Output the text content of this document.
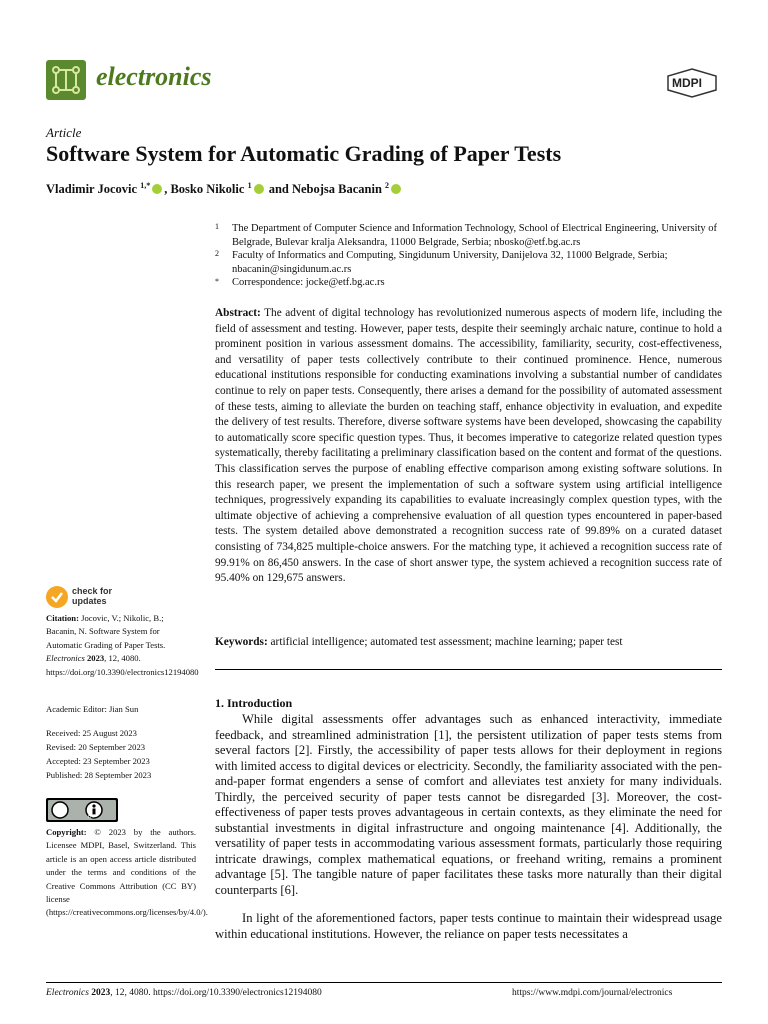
electronics	MDPI
Article
Software System for Automatic Grading of Paper Tests
Vladimir Jocovic $^{1,*}$ , Bosko Nikolic $^1$ and Nebojsa Bacanin $^2$
1 The Department of Computer Science and Information Technology, School of Electrical Engineering, University of Belgrade, Bulevar kralja Aleksandra, 11000 Belgrade, Serbia; nbosko@etf.bg.ac.rs
2 Faculty of Informatics and Computing, Singidunum University, Danijelova 32, 11000 Belgrade, Serbia; nbacanin@singidunum.ac.rs
* Correspondence: jocke@etf.bg.ac.rs
Abstract: The advent of digital technology has revolutionized numerous aspects of modern life, including the field of assessment and testing. However, paper tests, despite their seemingly archaic nature, continue to hold a prominent position in various assessment domains. The accessibility, familiarity, security, cost-effectiveness, and versatility of paper tests collectively contribute to their continued prominence. Hence, numerous educational institutions responsible for conducting examinations involving a substantial number of candidates continue to rely on paper tests. Consequently, there arises a demand for the possibility of automated assessment of these tests, aiming to alleviate the burden on teaching staff, enhance objectivity in evaluation, and expedite the delivery of test results. Therefore, diverse software systems have been developed, showcasing the capability to automatically score specific question types. Thus, it becomes imperative to categorize related question types systematically, thereby facilitating a preliminary classification based on the content and format of the questions. This classification serves the purpose of enabling effective comparison among existing software solutions. In this research paper, we present the implementation of such a software system using artificial intelligence techniques, progressively expanding its capabilities to evaluate increasingly complex question types, with the ultimate objective of achieving a comprehensive evaluation of all question types encountered in paper-based tests. The system detailed above demonstrated a recognition success rate of 99.89% on a curated dataset consisting of 734,825 multiple-choice answers. For the matching type, it achieved a recognition success rate of 99.91% on 86,450 answers. In the case of short answer type, the system achieved a recognition success rate of 95.40% on 129,675 answers.
Keywords: artificial intelligence; automated test assessment; machine learning; paper test
check for
updates
Citation: Jocovic, V.; Nikolic, B.; Bacanin, N. Software System for Automatic Grading of Paper Tests. Electronics 2023, 12, 4080. https://doi.org/10.3390/electronics12194080
Academic Editor: Jian Sun
Received: 25 August 2023
Revised: 20 September 2023
Accepted: 23 September 2023
Published: 28 September 2023
BY
Copyright: © 2023 by the authors. Licensee MDPI, Basel, Switzerland. This article is an open access article distributed under the terms and conditions of the Creative Commons Attribution (CC BY) license (https://creativecommons.org/licenses/by/4.0/).
1. Introduction
While digital assessments offer advantages such as enhanced interactivity, immediate feedback, and streamlined administration [1], the persistent utilization of paper tests stems from several factors [2]. Firstly, the accessibility of paper tests allows for their deployment in regions with limited access to digital devices or electricity. Secondly, the familiarity associated with the pen-and-paper format engenders a sense of comfort and alleviates test anxiety for many individuals. Thirdly, the perceived security of paper tests cannot be disregarded [3]. Moreover, the cost-effectiveness of paper tests proves advantageous in certain contexts, as they eliminate the need for substantial investments in digital infrastructure and ongoing maintenance [4]. Additionally, the versatility of paper tests in accommodating various assessment formats, particularly those requiring intricate drawings, complex mathematical equations, or freehand writing, remains a prominent advantage [5]. The tangible nature of paper facilitates these tasks more naturally than their digital counterparts [6].
In light of the aforementioned factors, paper tests continue to maintain their widespread usage within educational institutions. However, the reliance on paper tests necessitates a
Electronics 2023, 12, 4080. https://doi.org/10.3390/electronics12194080	https://www.mdpi.com/journal/electronics
